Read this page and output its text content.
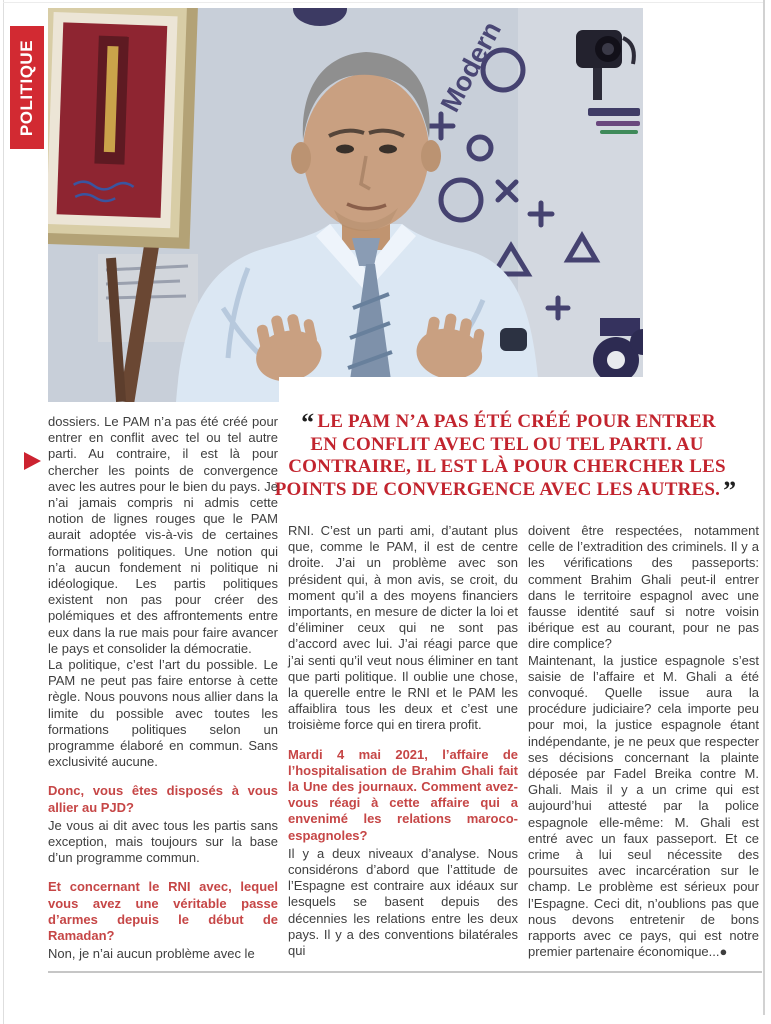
POLITIQUE	Modern
“ LE PAM N’A PAS ÉTÉ CRÉÉ POUR ENTRER
EN CONFLIT AVEC TEL OU TEL PARTI. AU
CONTRAIRE, IL EST LÀ POUR CHERCHER LES
POINTS DE CONVERGENCE AVEC LES AUTRES. ”

dossiers. Le PAM n’a pas été créé pour entrer en conflit avec tel ou tel autre parti. Au contraire, il est là pour chercher les points de convergence avec les autres pour le bien du pays. Je n’ai jamais compris ni admis cette notion de lignes rouges que le PAM aurait adoptée vis-à-vis de certaines formations politiques. Une notion qui n’a aucun fondement ni politique ni idéologique. Les partis politiques existent non pas pour créer des polémiques et des affrontements entre eux dans la rue mais pour faire avancer le pays et consolider la démocratie.

La politique, c’est l’art du possible. Le PAM ne peut pas faire entorse à cette règle. Nous pouvons nous allier dans la limite du possible avec toutes les formations politiques selon un programme élaboré en commun. Sans exclusivité aucune.

Donc, vous êtes disposés à vous allier au PJD?

Je vous ai dit avec tous les partis sans exception, mais toujours sur la base d’un programme commun.

Et concernant le RNI avec, lequel vous avez une véritable passe d’armes depuis le début de Ramadan?

Non, je n’ai aucun problème avec le

RNI. C’est un parti ami, d’autant plus que, comme le PAM, il est de centre droite. J’ai un problème avec son président qui, à mon avis, se croit, du moment qu’il a des moyens financiers importants, en mesure de dicter la loi et d’éliminer ceux qui ne sont pas d’accord avec lui. J’ai réagi parce que j’ai senti qu’il veut nous éliminer en tant que parti politique. Il oublie une chose, la querelle entre le RNI et le PAM les affaiblira tous les deux et c’est une troisième force qui en tirera profit.

Mardi 4 mai 2021, l’affaire de l’hospitalisation de Brahim Ghali fait la Une des journaux. Comment avez-vous réagi à cette affaire qui a envenimé les relations maroco-espagnoles?

Il y a deux niveaux d’analyse. Nous considérons d’abord que l’attitude de l’Espagne est contraire aux idéaux sur lesquels se basent depuis des décennies les relations entre les deux pays. Il y a des conventions bilatérales qui

doivent être respectées, notamment celle de l’extradition des criminels. Il y a les vérifications des passeports: comment Brahim Ghali peut-il entrer dans le territoire espagnol avec une fausse identité sauf si notre voisin ibérique est au courant, pour ne pas dire complice?

Maintenant, la justice espagnole s’est saisie de l’affaire et M. Ghali a été convoqué. Quelle issue aura la procédure judiciaire? cela importe peu pour moi, la justice espagnole étant indépendante, je ne peux que respecter ses décisions concernant la plainte déposée par Fadel Breika contre M. Ghali. Mais il y a un crime qui est aujourd’hui attesté par la police espagnole elle-même: M. Ghali est entré avec un faux passeport. Et ce crime à lui seul nécessite des poursuites avec incarcération sur le champ. Le problème est sérieux pour l’Espagne. Ceci dit, n’oublions pas que nous devons entretenir de bons rapports avec ce pays, qui est notre premier partenaire économique...●
